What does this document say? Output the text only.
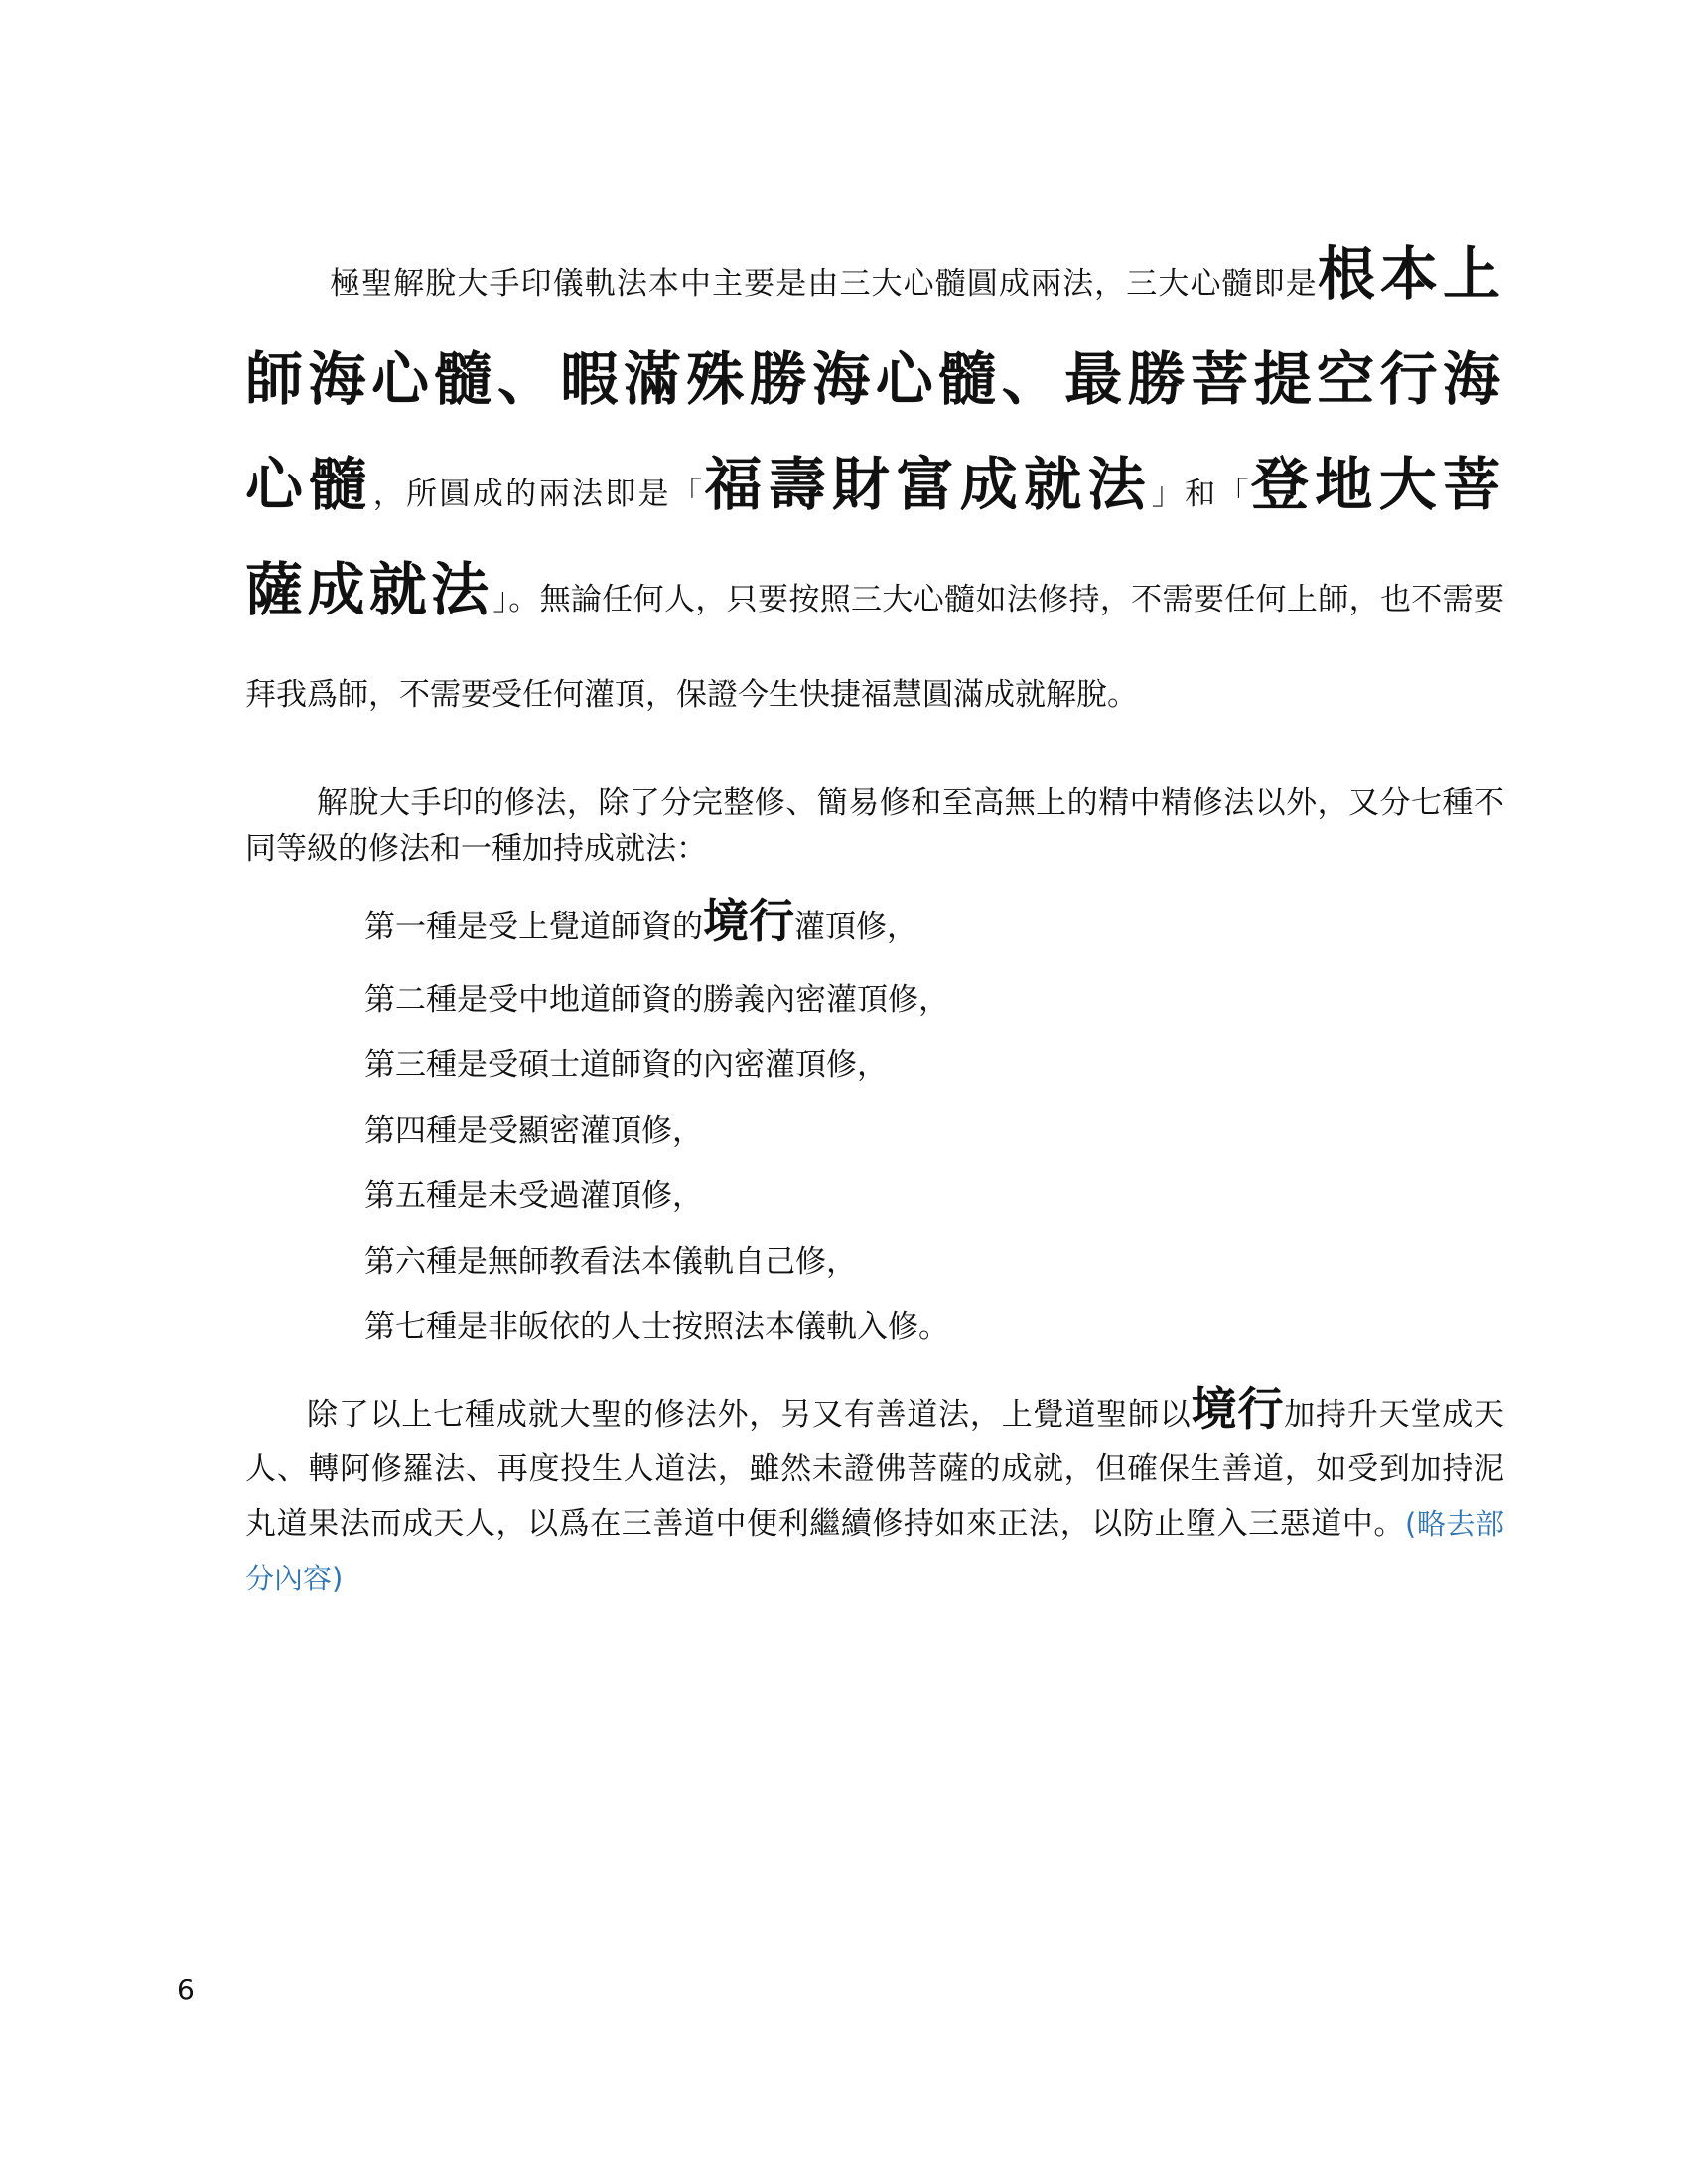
極聖解脫大手印儀軌法本中主要是由三大心髓圓成兩法，三大心髓即是根本上師海心髓、暇滿殊勝海心髓、最勝菩提空行海心髓，所圓成的兩法即是「福壽財富成就法」和「登地大菩薩成就法」。無論任何人，只要按照三大心髓如法修持，不需要任何上師，也不需要拜我爲師，不需要受任何灌頂，保證今生快捷福慧圓滿成就解脫。

解脫大手印的修法，除了分完整修、簡易修和至高無上的精中精修法以外，又分七種不同等級的修法和一種加持成就法：

第一種是受上覺道師資的境行灌頂修，
第二種是受中地道師資的勝義內密灌頂修，
第三種是受碩士道師資的內密灌頂修，
第四種是受顯密灌頂修，
第五種是未受過灌頂修，
第六種是無師教看法本儀軌自己修，
第七種是非皈依的人士按照法本儀軌入修。

除了以上七種成就大聖的修法外，另又有善道法，上覺道聖師以境行加持升天堂成天人、轉阿修羅法、再度投生人道法，雖然未證佛菩薩的成就，但確保生善道，如受到加持泥丸道果法而成天人，以爲在三善道中便利繼續修持如來正法，以防止墮入三惡道中。(略去部分內容)

6
